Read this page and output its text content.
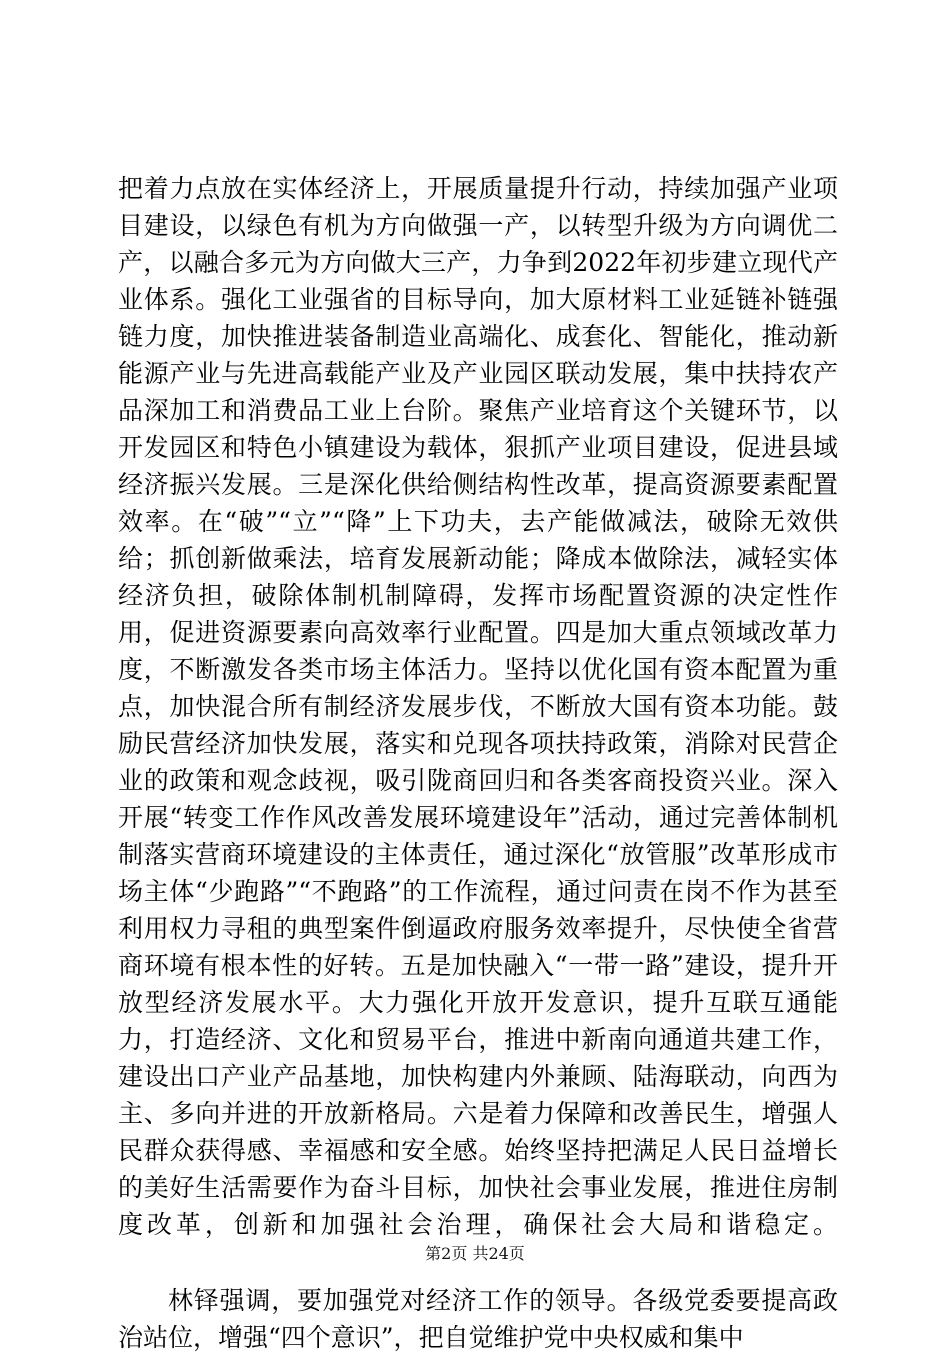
把着力点放在实体经济上，开展质量提升行动，持续加强产业项目建设，以绿色有机为方向做强一产，以转型升级为方向调优二产，以融合多元为方向做大三产，力争到2022年初步建立现代产业体系。强化工业强省的目标导向，加大原材料工业延链补链强链力度，加快推进装备制造业高端化、成套化、智能化，推动新能源产业与先进高载能产业及产业园区联动发展，集中扶持农产品深加工和消费品工业上台阶。聚焦产业培育这个关键环节，以开发园区和特色小镇建设为载体，狠抓产业项目建设，促进县域经济振兴发展。三是深化供给侧结构性改革，提高资源要素配置效率。在“破”“立”“降”上下功夫，去产能做减法，破除无效供给；抓创新做乘法，培育发展新动能；降成本做除法，减轻实体经济负担，破除体制机制障碍，发挥市场配置资源的决定性作用，促进资源要素向高效率行业配置。四是加大重点领域改革力度，不断激发各类市场主体活力。坚持以优化国有资本配置为重点，加快混合所有制经济发展步伐，不断放大国有资本功能。鼓励民营经济加快发展，落实和兑现各项扶持政策，消除对民营企业的政策和观念歧视，吸引陇商回归和各类客商投资兴业。深入开展“转变工作作风改善发展环境建设年”活动，通过完善体制机制落实营商环境建设的主体责任，通过深化“放管服”改革形成市场主体“少跑路”“不跑路”的工作流程，通过问责在岗不作为甚至利用权力寻租的典型案件倒逼政府服务效率提升，尽快使全省营商环境有根本性的好转。五是加快融入“一带一路”建设，提升开放型经济发展水平。大力强化开放开发意识，提升互联互通能力，打造经济、文化和贸易平台，推进中新南向通道共建工作，建设出口产业产品基地，加快构建内外兼顾、陆海联动，向西为主、多向并进的开放新格局。六是着力保障和改善民生，增强人民群众获得感、幸福感和安全感。始终坚持把满足人民日益增长的美好生活需要作为奋斗目标，加快社会事业发展，推进住房制度改革，创新和加强社会治理，确保社会大局和谐稳定。

林铎强调，要加强党对经济工作的领导。各级党委要提高政治站位，增强“四个意识”，把自觉维护党中央权威和集中

第2页 共24页
